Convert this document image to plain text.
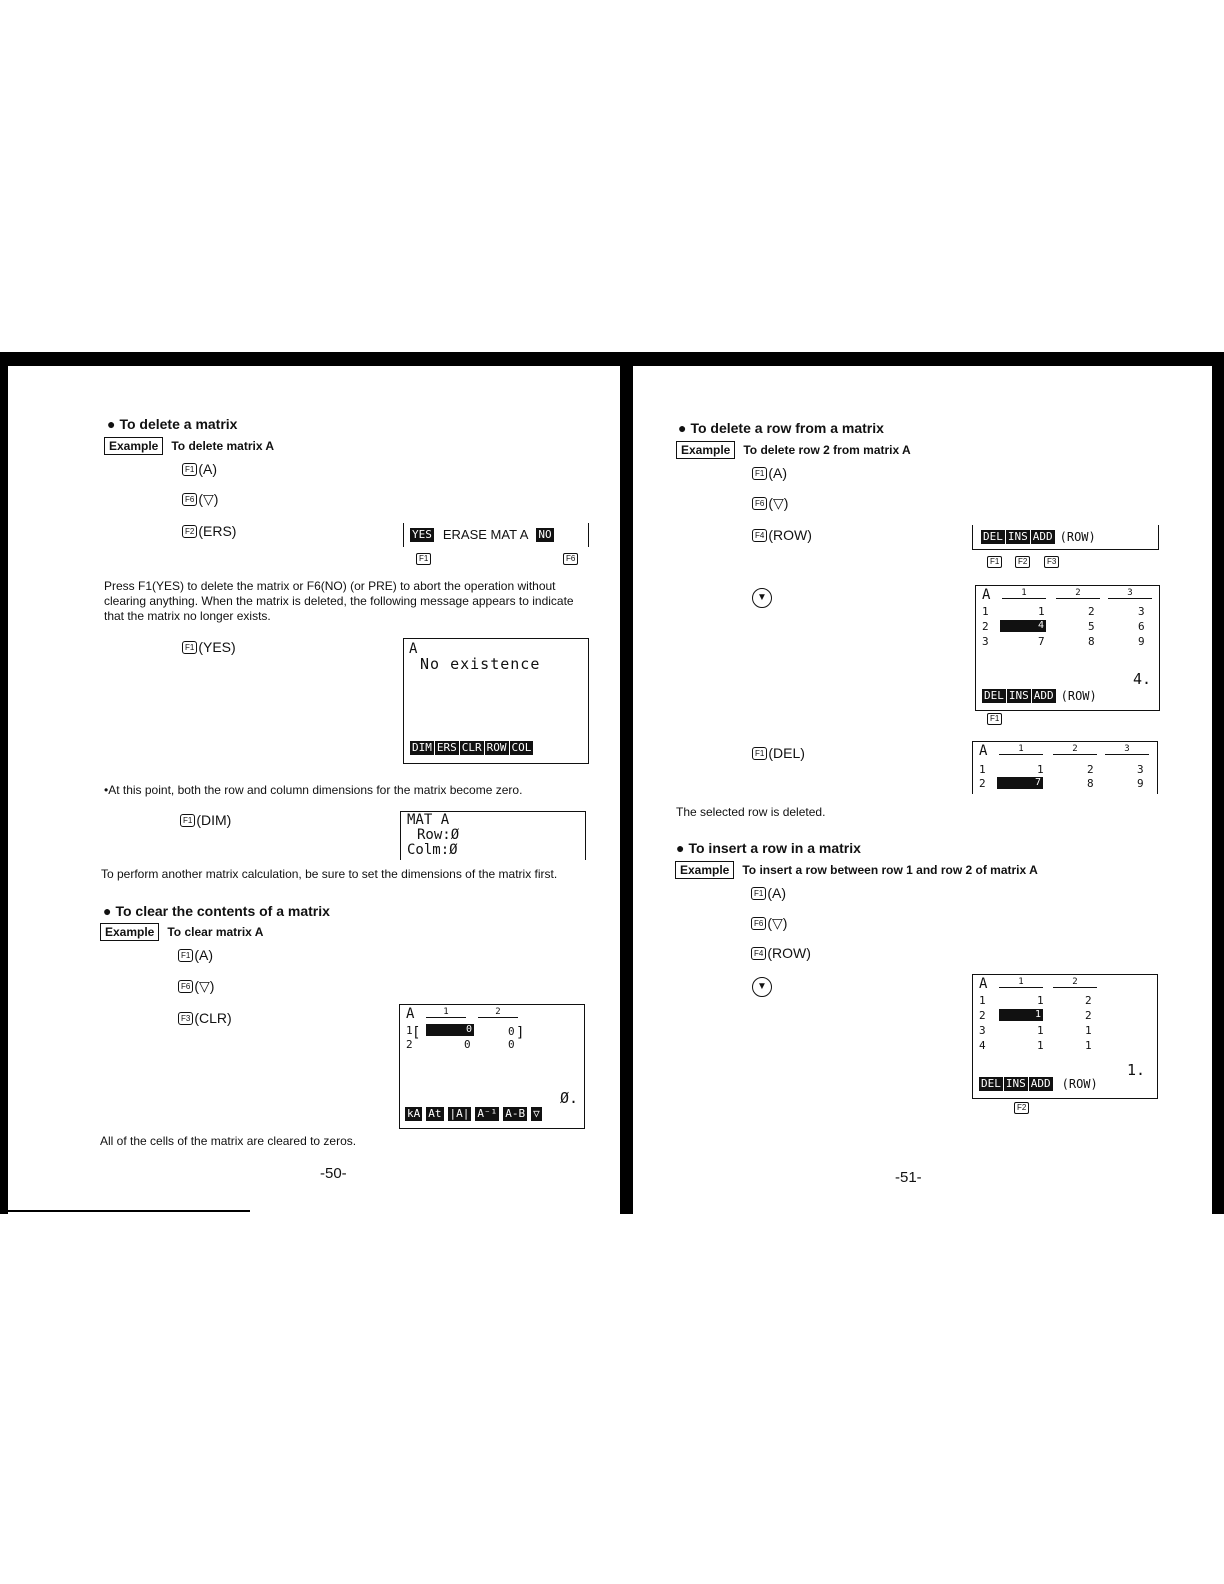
● To delete a matrix
Example	To delete matrix A
F1 (A)
F6 (▽)
F2 (ERS)	YES ERASE MAT A NO
F1	F6
Press F1(YES) to delete the matrix or F6(NO) (or PRE) to abort the operation without clearing anything. When the matrix is deleted, the following message appears to indicate that the matrix no longer exists.
F1 (YES)	A
No existence
DIM ERS CLR ROW COL
•At this point, both the row and column dimensions for the matrix become zero.
F1 (DIM)	MAT A
Row:Ø
Colm:Ø
To perform another matrix calculation, be sure to set the dimensions of the matrix first.
● To clear the contents of a matrix
Example	To clear matrix A
F1 (A)
F6 (▽)
F3 (CLR)	A	1	2
1 [	0	0 ]
2	0	0
Ø.
kA At |A| A⁻¹ A-B ▽
All of the cells of the matrix are cleared to zeros.
-50-
● To delete a row from a matrix
Example	To delete row 2 from matrix A
F1 (A)
F6 (▽)
F4 (ROW)	DEL INS ADD (ROW)
F1	F2	F3
▼	A	1	2	3
1	1	2	3
2	4	5	6
3	7	8	9
4.
DEL INS ADD (ROW)
F1
F1 (DEL)	A	1	2	3
1	1	2	3
2	7	8	9
The selected row is deleted.
● To insert a row in a matrix
Example	To insert a row between row 1 and row 2 of matrix A
F1 (A)
F6 (▽)
F4 (ROW)
▼	A	1	2
1	1	2
2	1	2
3	1	1
4	1	1
1.
DEL INS ADD (ROW)
F2
-51-
